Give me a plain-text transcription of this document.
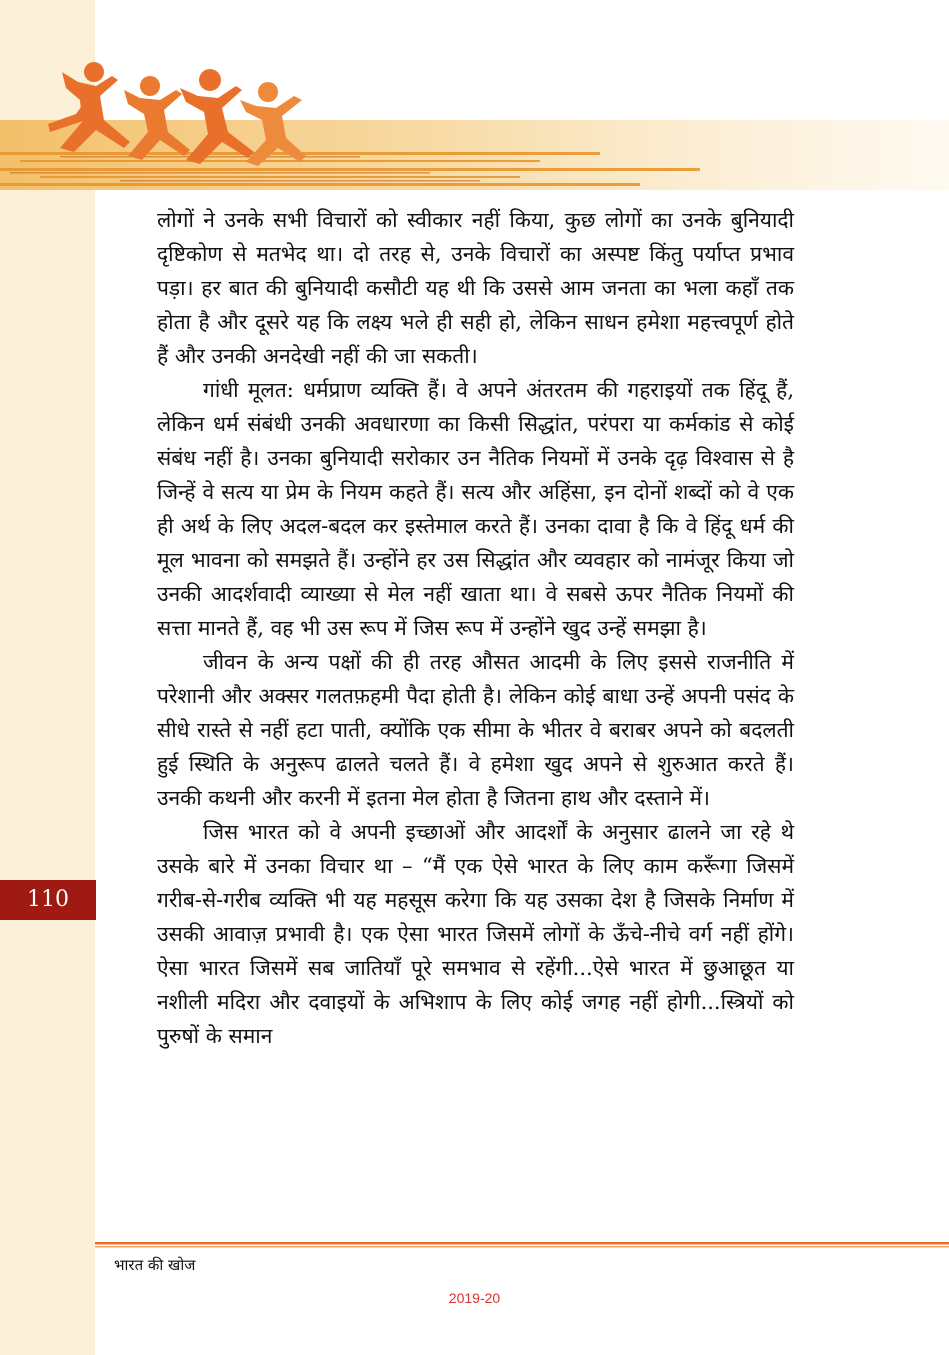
110

लोगों ने उनके सभी विचारों को स्वीकार नहीं किया, कुछ लोगों का उनके बुनियादी दृष्टिकोण से मतभेद था। दो तरह से, उनके विचारों का अस्पष्ट किंतु पर्याप्त प्रभाव पड़ा। हर बात की बुनियादी कसौटी यह थी कि उससे आम जनता का भला कहाँ तक होता है और दूसरे यह कि लक्ष्य भले ही सही हो, लेकिन साधन हमेशा महत्त्वपूर्ण होते हैं और उनकी अनदेखी नहीं की जा सकती।

गांधी मूलत: धर्मप्राण व्यक्ति हैं। वे अपने अंतरतम की गहराइयों तक हिंदू हैं, लेकिन धर्म संबंधी उनकी अवधारणा का किसी सिद्धांत, परंपरा या कर्मकांड से कोई संबंध नहीं है। उनका बुनियादी सरोकार उन नैतिक नियमों में उनके दृढ़ विश्वास से है जिन्हें वे सत्य या प्रेम के नियम कहते हैं। सत्य और अहिंसा, इन दोनों शब्दों को वे एक ही अर्थ के लिए अदल-बदल कर इस्तेमाल करते हैं। उनका दावा है कि वे हिंदू धर्म की मूल भावना को समझते हैं। उन्होंने हर उस सिद्धांत और व्यवहार को नामंजूर किया जो उनकी आदर्शवादी व्याख्या से मेल नहीं खाता था। वे सबसे ऊपर नैतिक नियमों की सत्ता मानते हैं, वह भी उस रूप में जिस रूप में उन्होंने खुद उन्हें समझा है।

जीवन के अन्य पक्षों की ही तरह औसत आदमी के लिए इससे राजनीति में परेशानी और अक्सर गलतफ़हमी पैदा होती है। लेकिन कोई बाधा उन्हें अपनी पसंद के सीधे रास्ते से नहीं हटा पाती, क्योंकि एक सीमा के भीतर वे बराबर अपने को बदलती हुई स्थिति के अनुरूप ढालते चलते हैं। वे हमेशा खुद अपने से शुरुआत करते हैं। उनकी कथनी और करनी में इतना मेल होता है जितना हाथ और दस्ताने में।

जिस भारत को वे अपनी इच्छाओं और आदर्शों के अनुसार ढालने जा रहे थे उसके बारे में उनका विचार था – “मैं एक ऐसे भारत के लिए काम करूँगा जिसमें गरीब-से-गरीब व्यक्ति भी यह महसूस करेगा कि यह उसका देश है जिसके निर्माण में उसकी आवाज़ प्रभावी है। एक ऐसा भारत जिसमें लोगों के ऊँचे-नीचे वर्ग नहीं होंगे। ऐसा भारत जिसमें सब जातियाँ पूरे समभाव से रहेंगी...ऐसे भारत में छुआछूत या नशीली मदिरा और दवाइयों के अभिशाप के लिए कोई जगह नहीं होगी...स्त्रियों को पुरुषों के समान

भारत की खोज
2019-20
